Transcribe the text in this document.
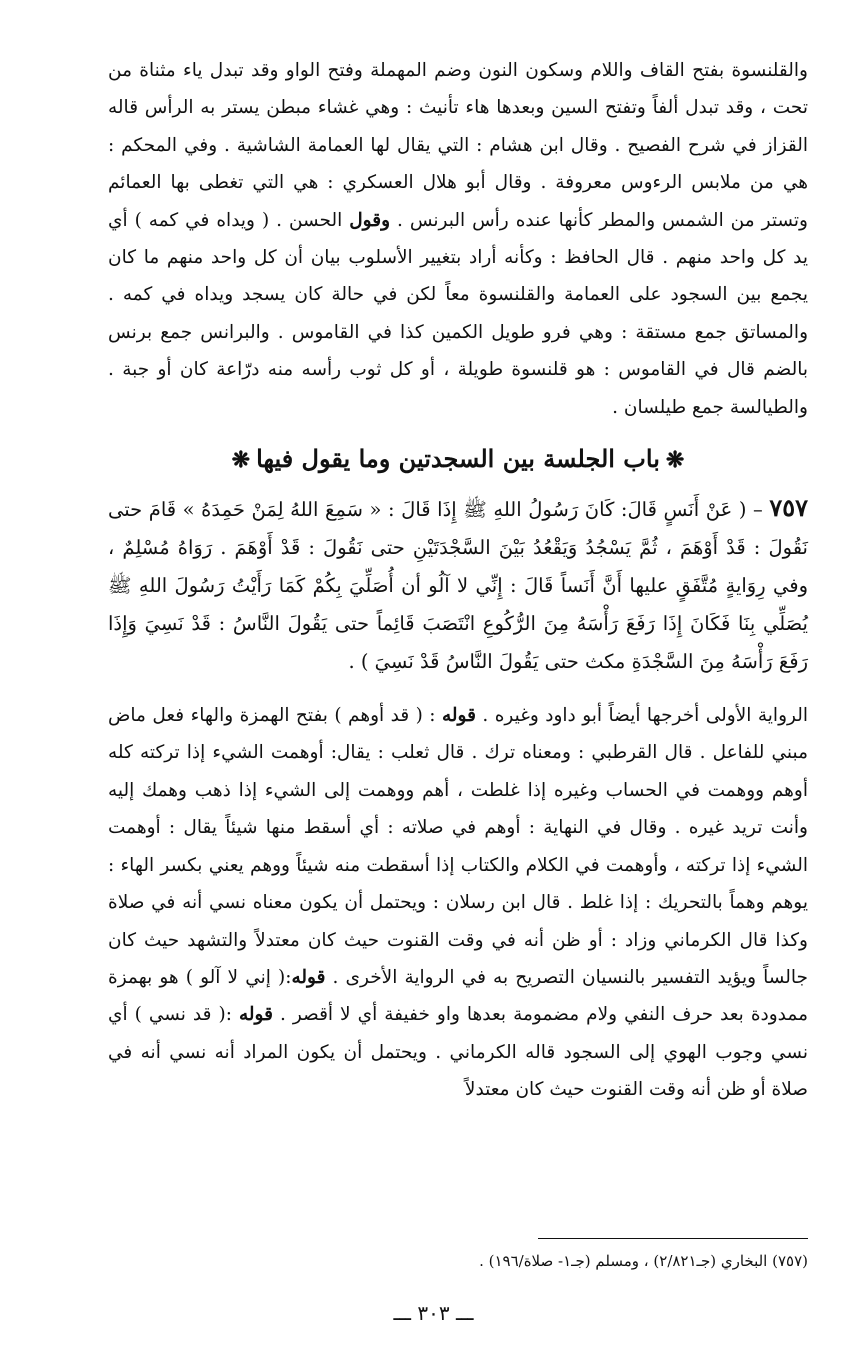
والقلنسوة بفتح القاف واللام وسكون النون وضم المهملة وفتح الواو وقد تبدل ياء مثناة من تحت ، وقد تبدل ألفاً وتفتح السين وبعدها هاء تأنيث : وهي غشاء مبطن يستر به الرأس قاله القزاز في شرح الفصيح . وقال ابن هشام : التي يقال لها العمامة الشاشية . وفي المحكم : هي من ملابس الرءوس معروفة . وقال أبو هلال العسكري : هي التي تغطى بها العمائم وتستر من الشمس والمطر كأنها عنده رأس البرنس . وقول الحسن . ( ويداه في كمه ) أي يد كل واحد منهم . قال الحافظ : وكأنه أراد بتغيير الأسلوب بيان أن كل واحد منهم ما كان يجمع بين السجود على العمامة والقلنسوة معاً لكن في حالة كان يسجد ويداه في كمه . والمساتق جمع مستقة : وهي فرو طويل الكمين كذا في القاموس . والبرانس جمع برنس بالضم قال في القاموس : هو قلنسوة طويلة ، أو كل ثوب رأسه منه درّاعة كان أو جبة . والطيالسة جمع طيلسان .

❋باب الجلسة بين السجدتين وما يقول فيها❋

٧٥٧ – ( عَنْ أَنَسٍ قَالَ: كَانَ رَسُولُ اللهِ ﷺ إِذَا قَالَ : « سَمِعَ اللهُ لِمَنْ حَمِدَهُ » قَامَ حتى نَقُولَ : قَدْ أَوْهَمَ ، ثُمَّ يَسْجُدُ وَيَقْعُدُ بَيْنَ السَّجْدَتَيْنِ حتى نَقُولَ : قَدْ أَوْهَمَ . رَوَاهُ مُسْلِمٌ ، وفي رِوَايةٍ مُتَّفَقٍ عليها أَنَّ أَنَساً قَالَ : إِنِّي لا آلُو أن أُصَلِّيَ بِكُمْ كَمَا رَأَيْتُ رَسُولَ اللهِ ﷺ يُصَلِّي بِنَا فَكَانَ إِذَا رَفَعَ رَأْسَهُ مِنَ الرُّكُوعِ انْتَصَبَ قَائِماً حتى يَقُولَ النَّاسُ : قَدْ نَسِيَ وَإِذَا رَفَعَ رَأْسَهُ مِنَ السَّجْدَةِ مكث حتى يَقُولَ النَّاسُ قَدْ نَسِيَ ) .

الرواية الأولى أخرجها أيضاً أبو داود وغيره . قوله : ( قد أوهم ) بفتح الهمزة والهاء فعل ماض مبني للفاعل . قال القرطبي : ومعناه ترك . قال ثعلب : يقال: أوهمت الشيء إذا تركته كله أوهم ووهمت في الحساب وغيره إذا غلطت ، أهم ووهمت إلى الشيء إذا ذهب وهمك إليه وأنت تريد غيره . وقال في النهاية : أوهم في صلاته : أي أسقط منها شيئاً يقال : أوهمت الشيء إذا تركته ، وأوهمت في الكلام والكتاب إذا أسقطت منه شيئاً ووهم يعني بكسر الهاء : يوهم وهماً بالتحريك : إذا غلط . قال ابن رسلان : ويحتمل أن يكون معناه نسي أنه في صلاة وكذا قال الكرماني وزاد : أو ظن أنه في وقت القنوت حيث كان معتدلاً والتشهد حيث كان جالساً ويؤيد التفسير بالنسيان التصريح به في الرواية الأخرى . قوله:( إني لا آلو ) هو بهمزة ممدودة بعد حرف النفي ولام مضمومة بعدها واو خفيفة أي لا أقصر . قوله :( قد نسي ) أي نسي وجوب الهوي إلى السجود قاله الكرماني . ويحتمل أن يكون المراد أنه نسي أنه في صلاة أو ظن أنه وقت القنوت حيث كان معتدلاً

(٧٥٧) البخاري (جـ٢/٨٢١) ، ومسلم (جـ١- صلاة/١٩٦) .
ـــ ٣٠٣ ـــ
